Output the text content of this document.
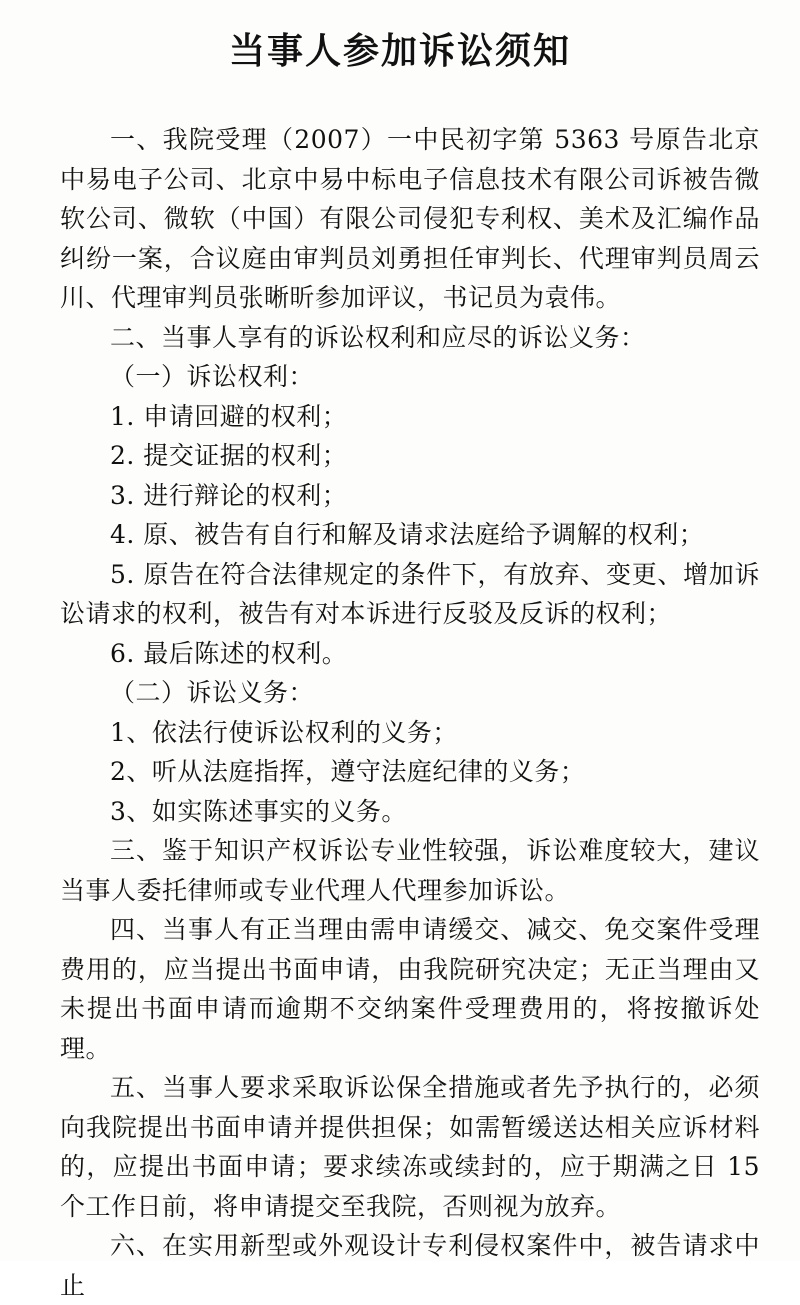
当事人参加诉讼须知

一、我院受理（2007）一中民初字第 5363 号原告北京中易电子公司、北京中易中标电子信息技术有限公司诉被告微软公司、微软（中国）有限公司侵犯专利权、美术及汇编作品纠纷一案，合议庭由审判员刘勇担任审判长、代理审判员周云川、代理审判员张晰昕参加评议，书记员为袁伟。

二、当事人享有的诉讼权利和应尽的诉讼义务：

（一）诉讼权利：

1. 申请回避的权利；

2. 提交证据的权利；

3. 进行辩论的权利；

4. 原、被告有自行和解及请求法庭给予调解的权利；

5. 原告在符合法律规定的条件下，有放弃、变更、增加诉讼请求的权利，被告有对本诉进行反驳及反诉的权利；

6. 最后陈述的权利。

（二）诉讼义务：

1、依法行使诉讼权利的义务；

2、听从法庭指挥，遵守法庭纪律的义务；

3、如实陈述事实的义务。

三、鉴于知识产权诉讼专业性较强，诉讼难度较大，建议当事人委托律师或专业代理人代理参加诉讼。

四、当事人有正当理由需申请缓交、减交、免交案件受理费用的，应当提出书面申请，由我院研究决定；无正当理由又未提出书面申请而逾期不交纳案件受理费用的，将按撤诉处理。

五、当事人要求采取诉讼保全措施或者先予执行的，必须向我院提出书面申请并提供担保；如需暂缓送达相关应诉材料的，应提出书面申请；要求续冻或续封的，应于期满之日 15 个工作日前，将申请提交至我院，否则视为放弃。

六、在实用新型或外观设计专利侵权案件中，被告请求中止
